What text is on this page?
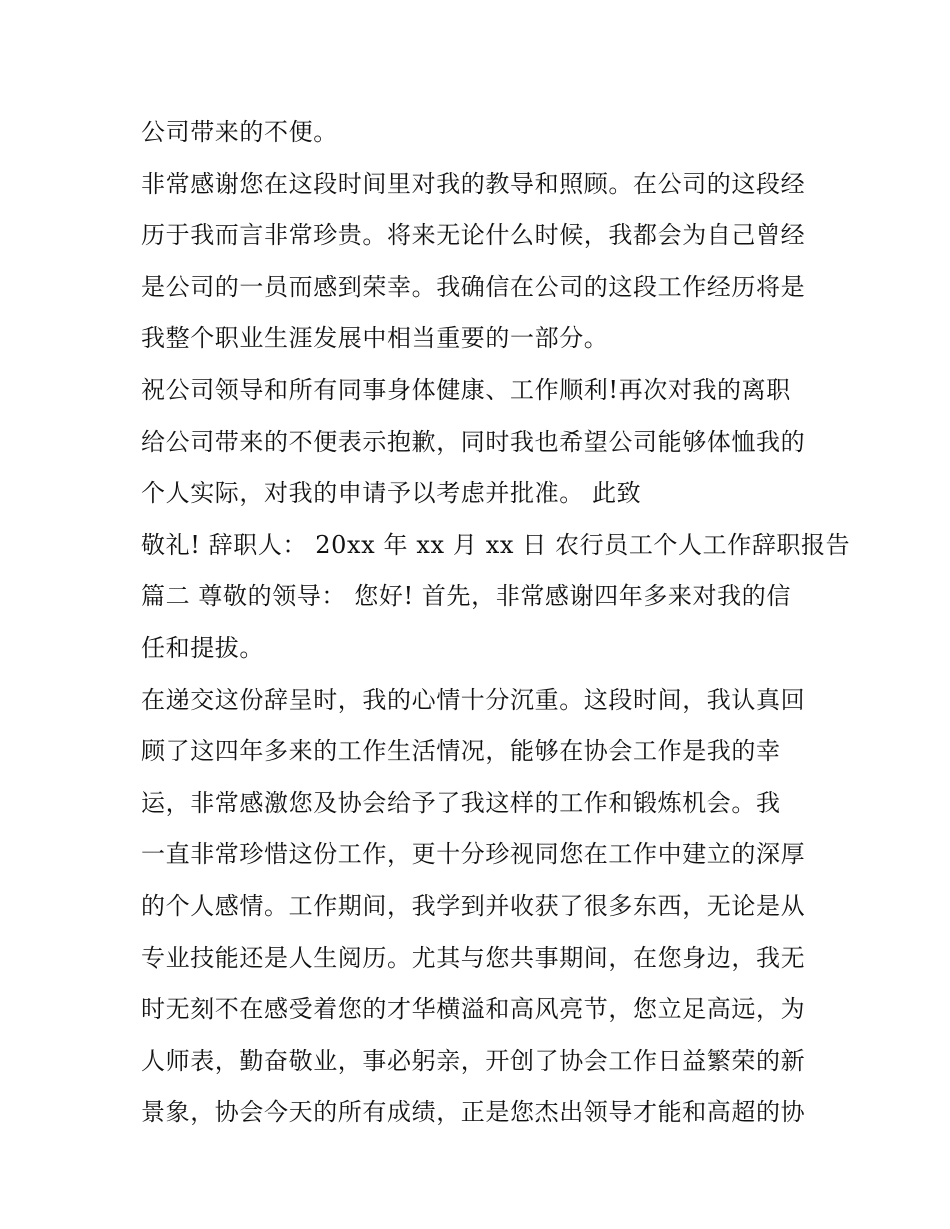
公司带来的不便。
非常感谢您在这段时间里对我的教导和照顾。在公司的这段经
历于我而言非常珍贵。将来无论什么时候，我都会为自己曾经
是公司的一员而感到荣幸。我确信在公司的这段工作经历将是
我整个职业生涯发展中相当重要的一部分。
祝公司领导和所有同事身体健康、工作顺利!再次对我的离职
给公司带来的不便表示抱歉，同时我也希望公司能够体恤我的
个人实际，对我的申请予以考虑并批准。 此致
敬礼! 辞职人： 20xx 年 xx 月 xx 日 农行员工个人工作辞职报告
篇二 尊敬的领导： 您好! 首先，非常感谢四年多来对我的信
任和提拔。
在递交这份辞呈时，我的心情十分沉重。这段时间，我认真回
顾了这四年多来的工作生活情况，能够在协会工作是我的幸
运，非常感激您及协会给予了我这样的工作和锻炼机会。我
一直非常珍惜这份工作，更十分珍视同您在工作中建立的深厚
的个人感情。工作期间，我学到并收获了很多东西，无论是从
专业技能还是人生阅历。尤其与您共事期间，在您身边，我无
时无刻不在感受着您的才华横溢和高风亮节，您立足高远，为
人师表，勤奋敬业，事必躬亲，开创了协会工作日益繁荣的新
景象，协会今天的所有成绩，正是您杰出领导才能和高超的协
